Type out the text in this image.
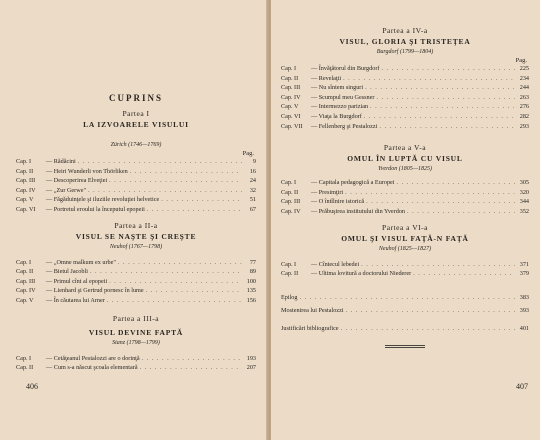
CUPRINS
Partea I
LA IZVOARELE VISULUI
Zürich (1746—1769)
Pag.
Cap. I	— Rădăcini . . .	9
Cap. II	— Heiri Wunderli von Thörliken . . .	16
Cap. III	— Descoperirea Elveţiei . . .	24
Cap. IV	— „Zur Gerwe" . . .	32
Cap. V	— Făgăduinţele şi iluziile revoluţiei helvetice . . .	51
Cap. VI	— Portretul eroului la începutul epopeii . . .	67
Partea a II-a
VISUL SE NAŞTE ŞI CREŞTE
Neuhof (1767—1798)
Cap. I	— „Omne malkum ex urbe" . . .	77
Cap. II	— Bietul Jacobli . . .	89
Cap. III	— Primul cînt al epopeii . . .	100
Cap. IV	— Lienhard şi Gertrud pornesc în lume . . .	135
Cap. V	— În căutarea lui Arner . . .	156
Partea a III-a
VISUL DEVINE FAPTĂ
Stanz (1798—1799)
Cap. I	— Cetăţeanul Pestalozzi are o dorinţă . . .	193
Cap. II	— Cum s-a născut şcoala elementară . . .	207
406
Partea a IV-a
VISUL, GLORIA ŞI TRISTEŢEA
Burgdorf (1799—1804)
Pag.
Cap. I	— Învăţătorul din Burgdorf . . .	225
Cap. II	— Revelaţii . . .	234
Cap. III	— Nu sîntem singuri . . .	244
Cap. IV	— Scumpul meu Gessner . . .	263
Cap. V	— Intermezzo parizian . . .	276
Cap. VI	— Viaţa la Burgdorf . . .	282
Cap. VII	— Fellenberg şi Pestalozzi . . .	293
Partea a V-a
OMUL ÎN LUPTĂ CU VISUL
Yverdon (1805—1825)
Cap. I	— Capitala pedagogică a Europei . . .	305
Cap. II	— Presimţiri . . .	320
Cap. III	— O întîlnire istorică . . .	344
Cap. IV	— Prăbuşirea institutului din Yverdon . . .	352
Partea a VI-a
OMUL ŞI VISUL FAŢĂ-N FAŢĂ
Neuhof (1825—1827)
Cap. I	— Cîntecul lebedei . . .	371
Cap. II	— Ultima lovitură a doctorului Niederer . . .	379
Epilog . . .	383
Mostenirea lui Pestalozzi . . .	393
Justificări bibliografice . . .	401
407
